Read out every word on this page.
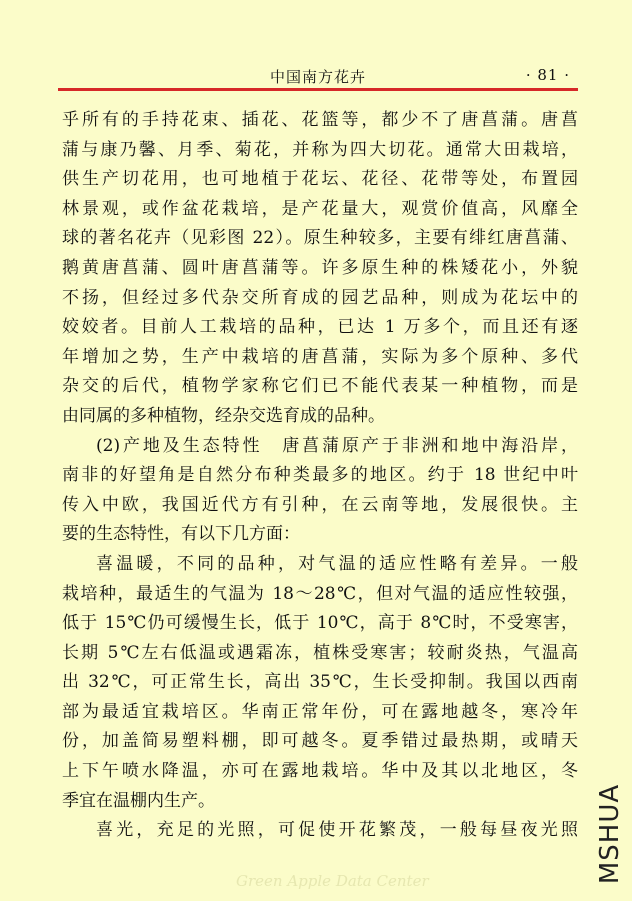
中国南方花卉	· 81 ·
乎所有的手持花束、插花、花篮等，都少不了唐菖蒲。唐菖
蒲与康乃馨、月季、菊花，并称为四大切花。通常大田栽培，
供生产切花用，也可地植于花坛、花径、花带等处，布置园
林景观，或作盆花栽培，是产花量大，观赏价值高，风靡全
球的著名花卉（见彩图 22）。原生种较多，主要有绯红唐菖蒲、
鹅黄唐菖蒲、圆叶唐菖蒲等。许多原生种的株矮花小，外貌
不扬，但经过多代杂交所育成的园艺品种，则成为花坛中的
姣姣者。目前人工栽培的品种，已达 1 万多个，而且还有逐
年增加之势，生产中栽培的唐菖蒲，实际为多个原种、多代
杂交的后代，植物学家称它们已不能代表某一种植物，而是
由同属的多种植物，经杂交选育成的品种。
(2)产地及生态特性　唐菖蒲原产于非洲和地中海沿岸，
南非的好望角是自然分布种类最多的地区。约于 18 世纪中叶
传入中欧，我国近代方有引种，在云南等地，发展很快。主
要的生态特性，有以下几方面：
喜温暖，不同的品种，对气温的适应性略有差异。一般
栽培种，最适生的气温为 18～28℃，但对气温的适应性较强，
低于 15℃仍可缓慢生长，低于 10℃，高于 8℃时，不受寒害，
长期 5℃左右低温或遇霜冻，植株受寒害；较耐炎热，气温高
出 32℃，可正常生长，高出 35℃，生长受抑制。我国以西南
部为最适宜栽培区。华南正常年份，可在露地越冬，寒冷年
份，加盖简易塑料棚，即可越冬。夏季错过最热期，或晴天
上下午喷水降温，亦可在露地栽培。华中及其以北地区，冬
季宜在温棚内生产。
喜光，充足的光照，可促使开花繁茂，一般每昼夜光照 MSHUA
Green Apple Data Center
